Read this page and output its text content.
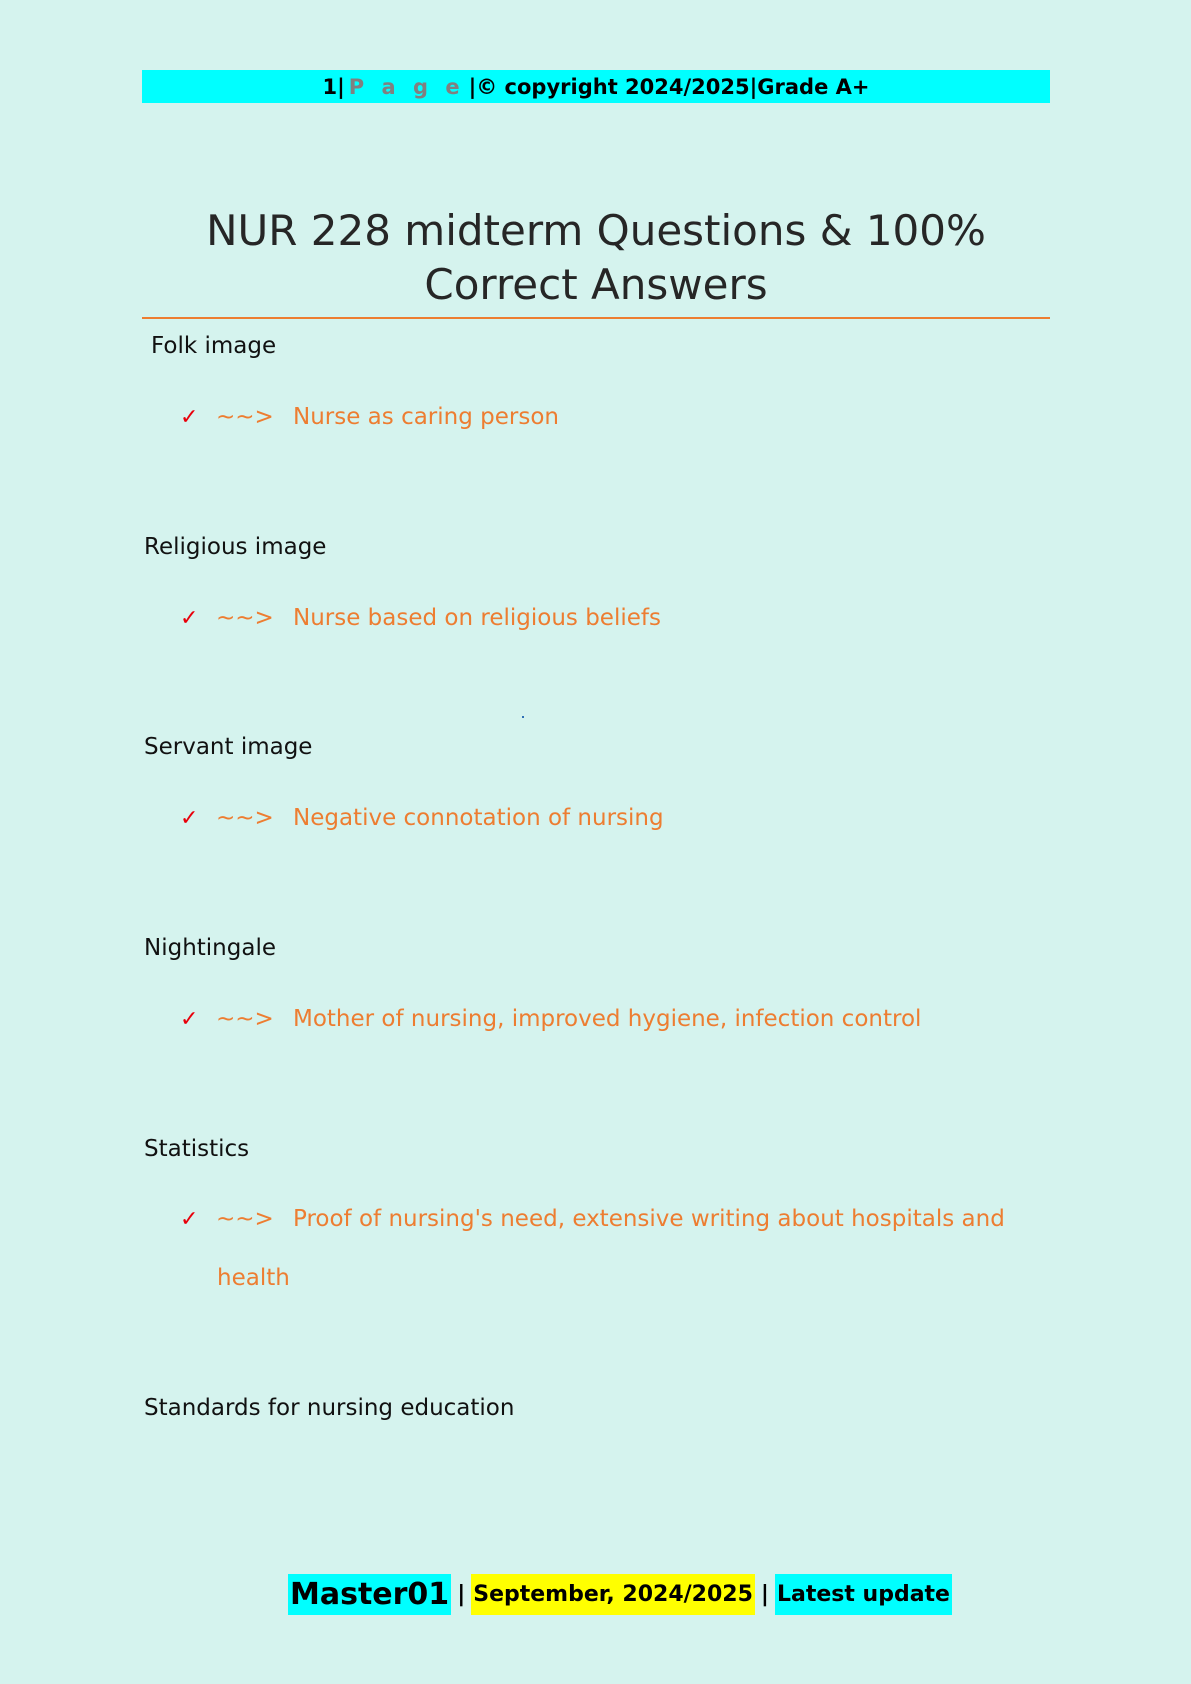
1 | P a g e | © copyright 2024/2025 | Grade A+
NUR 228 midterm Questions & 100% Correct Answers

Folk image

✓ ~~> Nurse as caring person

Religious image

✓ ~~> Nurse based on religious beliefs

Servant image

✓ ~~> Negative connotation of nursing

Nightingale

✓ ~~> Mother of nursing, improved hygiene, infection control

Statistics

✓ ~~> Proof of nursing's need, extensive writing about hospitals and
health

Standards for nursing education

Master01 | September, 2024/2025 | Latest update
